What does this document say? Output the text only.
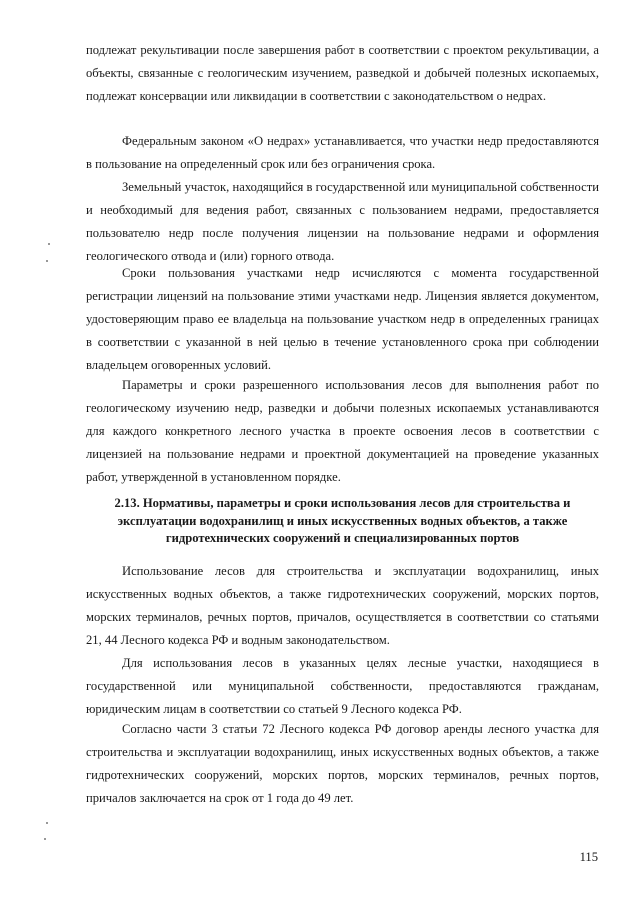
подлежат рекультивации после завершения работ в соответствии с проектом рекультивации, а объекты, связанные с геологическим изучением, разведкой и добычей полезных ископаемых, подлежат консервации или ликвидации в соответствии с законодательством о недрах.

Федеральным законом «О недрах» устанавливается, что участки недр предоставляются в пользование на определенный срок или без ограничения срока.

Земельный участок, находящийся в государственной или муниципальной собственности и необходимый для ведения работ, связанных с пользованием недрами, предоставляется пользователю недр после получения лицензии на пользование недрами и оформления геологического отвода и (или) горного отвода.

Сроки пользования участками недр исчисляются с момента государственной регистрации лицензий на пользование этими участками недр. Лицензия является документом, удостоверяющим право ее владельца на пользование участком недр в определенных границах в соответствии с указанной в ней целью в течение установленного срока при соблюдении владельцем оговоренных условий.

Параметры и сроки разрешенного использования лесов для выполнения работ по геологическому изучению недр, разведки и добычи полезных ископаемых устанавливаются для каждого конкретного лесного участка в проекте освоения лесов в соответствии с лицензией на пользование недрами и проектной документацией на проведение указанных работ, утвержденной в установленном порядке.

2.13. Нормативы, параметры и сроки использования лесов для строительства и эксплуатации водохранилищ и иных искусственных водных объектов, а также гидротехнических сооружений и специализированных портов

Использование лесов для строительства и эксплуатации водохранилищ, иных искусственных водных объектов, а также гидротехнических сооружений, морских портов, морских терминалов, речных портов, причалов, осуществляется в соответствии со статьями 21, 44 Лесного кодекса РФ и водным законодательством.

Для использования лесов в указанных целях лесные участки, находящиеся в государственной или муниципальной собственности, предоставляются гражданам, юридическим лицам в соответствии со статьей 9 Лесного кодекса РФ.

Согласно части 3 статьи 72 Лесного кодекса РФ договор аренды лесного участка для строительства и эксплуатации водохранилищ, иных искусственных водных объектов, а также гидротехнических сооружений, морских портов, морских терминалов, речных портов, причалов заключается на срок от 1 года до 49 лет.

115
